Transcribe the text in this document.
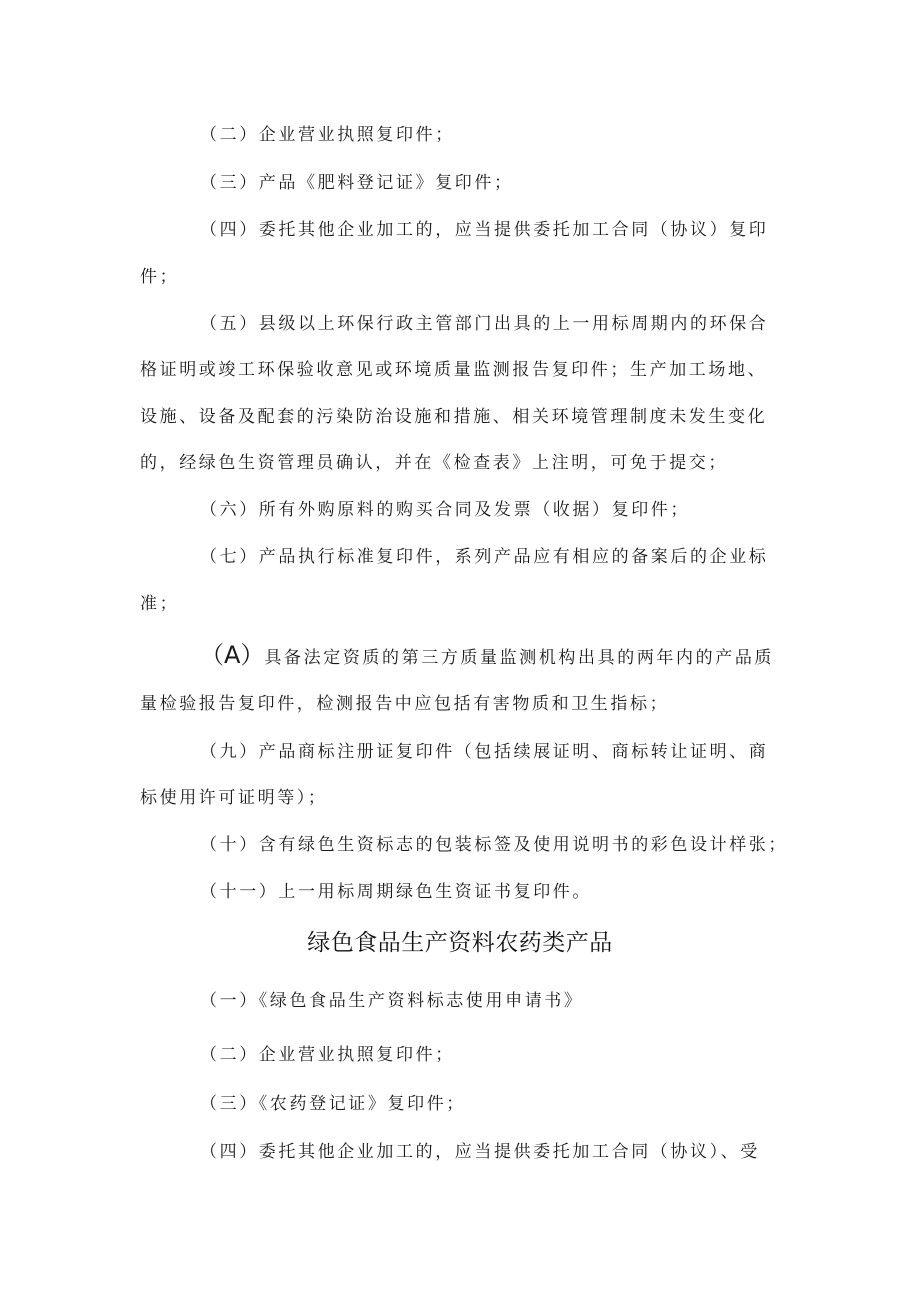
（二）企业营业执照复印件；
（三）产品《肥料登记证》复印件；
（四）委托其他企业加工的，应当提供委托加工合同（协议）复印
件；
（五）县级以上环保行政主管部门出具的上一用标周期内的环保合
格证明或竣工环保验收意见或环境质量监测报告复印件；生产加工场地、
设施、设备及配套的污染防治设施和措施、相关环境管理制度未发生变化
的，经绿色生资管理员确认，并在《检查表》上注明，可免于提交；
（六）所有外购原料的购买合同及发票（收据）复印件；
（七）产品执行标准复印件，系列产品应有相应的备案后的企业标
准；
（A）具备法定资质的第三方质量监测机构出具的两年内的产品质
量检验报告复印件，检测报告中应包括有害物质和卫生指标；
（九）产品商标注册证复印件（包括续展证明、商标转让证明、商
标使用许可证明等）；
（十）含有绿色生资标志的包装标签及使用说明书的彩色设计样张；
（十一）上一用标周期绿色生资证书复印件。
绿色食品生产资料农药类产品
（一）《绿色食品生产资料标志使用申请书》
（二）企业营业执照复印件；
（三）《农药登记证》复印件；
（四）委托其他企业加工的，应当提供委托加工合同（协议）、受
